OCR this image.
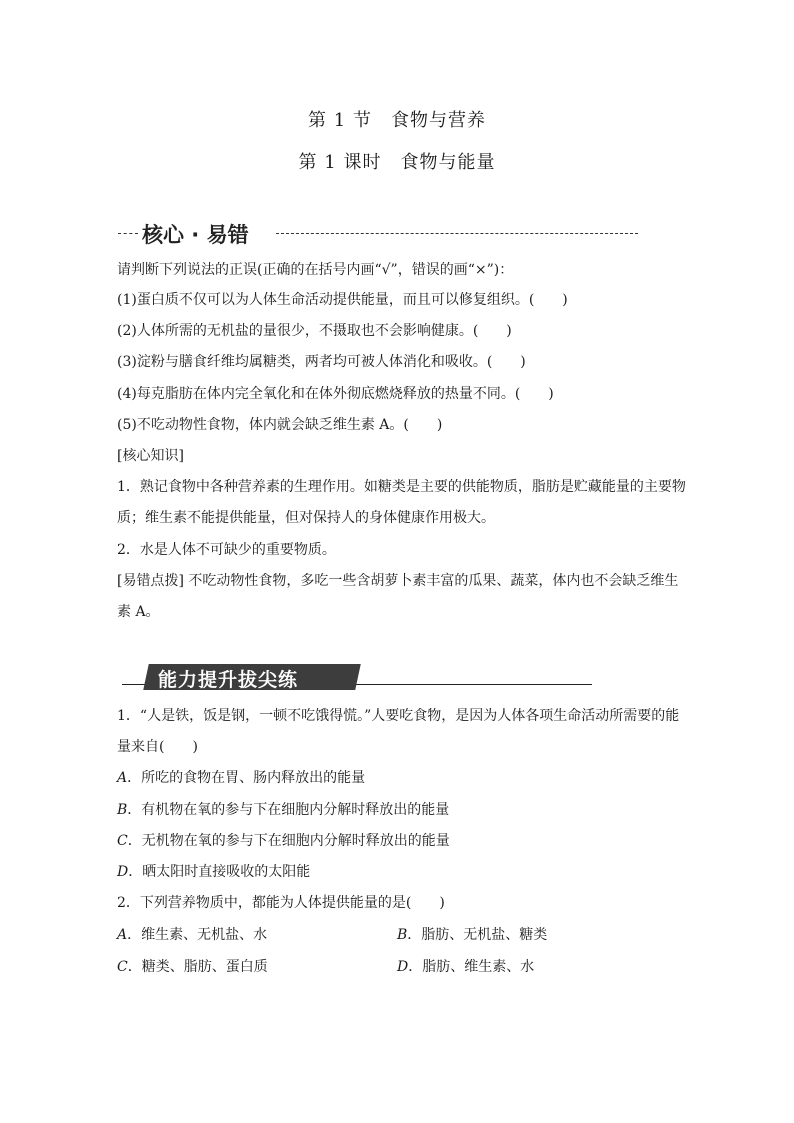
第 1 节　食物与营养
第 1 课时　食物与能量
核心 · 易错
请判断下列说法的正误(正确的在括号内画“√”，错误的画“×”)：
(1)蛋白质不仅可以为人体生命活动提供能量，而且可以修复组织。(　　)
(2)人体所需的无机盐的量很少，不摄取也不会影响健康。(　　)
(3)淀粉与膳食纤维均属糖类，两者均可被人体消化和吸收。(　　)
(4)每克脂肪在体内完全氧化和在体外彻底燃烧释放的热量不同。(　　)
(5)不吃动物性食物，体内就会缺乏维生素 A。(　　)
[核心知识]
1．熟记食物中各种营养素的生理作用。如糖类是主要的供能物质，脂肪是贮藏能量的主要物
质；维生素不能提供能量，但对保持人的身体健康作用极大。
2．水是人体不可缺少的重要物质。
[易错点拨] 不吃动物性食物，多吃一些含胡萝卜素丰富的瓜果、蔬菜，体内也不会缺乏维生
素 A。
能力提升拔尖练
1．“人是铁，饭是钢，一顿不吃饿得慌。”人要吃食物，是因为人体各项生命活动所需要的能
量来自(　　)
A．所吃的食物在胃、肠内释放出的能量
B．有机物在氧的参与下在细胞内分解时释放出的能量
C．无机物在氧的参与下在细胞内分解时释放出的能量
D．晒太阳时直接吸收的太阳能
2．下列营养物质中，都能为人体提供能量的是(　　)
A．维生素、无机盐、水	B．脂肪、无机盐、糖类
C．糖类、脂肪、蛋白质	D．脂肪、维生素、水
